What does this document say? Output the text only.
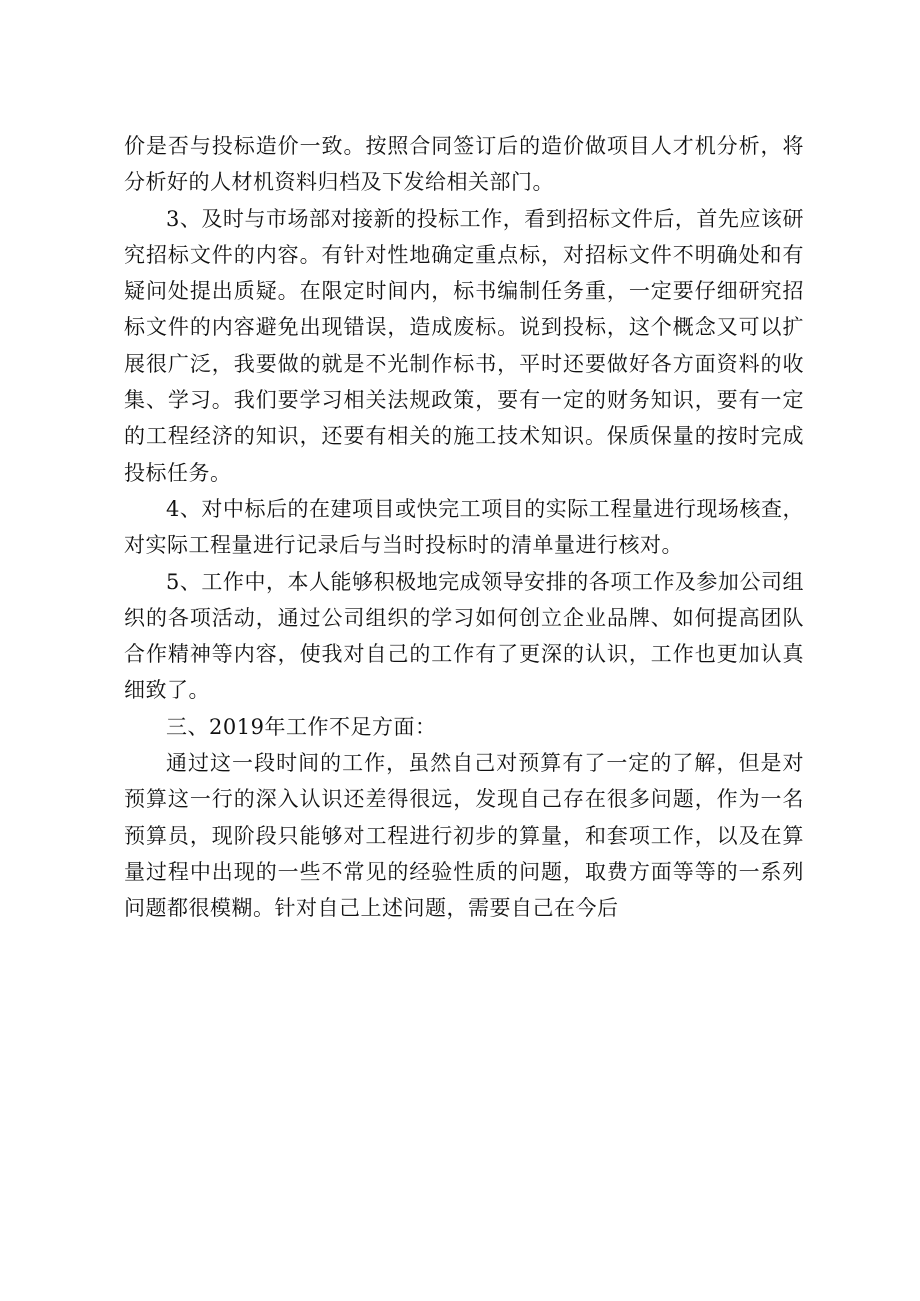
价是否与投标造价一致。按照合同签订后的造价做项目人才机分析，将分析好的人材机资料归档及下发给相关部门。

3、及时与市场部对接新的投标工作，看到招标文件后，首先应该研究招标文件的内容。有针对性地确定重点标，对招标文件不明确处和有疑问处提出质疑。在限定时间内，标书编制任务重，一定要仔细研究招标文件的内容避免出现错误，造成废标。说到投标，这个概念又可以扩展很广泛，我要做的就是不光制作标书，平时还要做好各方面资料的收集、学习。我们要学习相关法规政策，要有一定的财务知识，要有一定的工程经济的知识，还要有相关的施工技术知识。保质保量的按时完成投标任务。

4、对中标后的在建项目或快完工项目的实际工程量进行现场核查，对实际工程量进行记录后与当时投标时的清单量进行核对。

5、工作中，本人能够积极地完成领导安排的各项工作及参加公司组织的各项活动，通过公司组织的学习如何创立企业品牌、如何提高团队合作精神等内容，使我对自己的工作有了更深的认识，工作也更加认真细致了。

三、2019年工作不足方面：

通过这一段时间的工作，虽然自己对预算有了一定的了解，但是对预算这一行的深入认识还差得很远，发现自己存在很多问题，作为一名预算员，现阶段只能够对工程进行初步的算量，和套项工作，以及在算量过程中出现的一些不常见的经验性质的问题，取费方面等等的一系列问题都很模糊。针对自己上述问题，需要自己在今后
